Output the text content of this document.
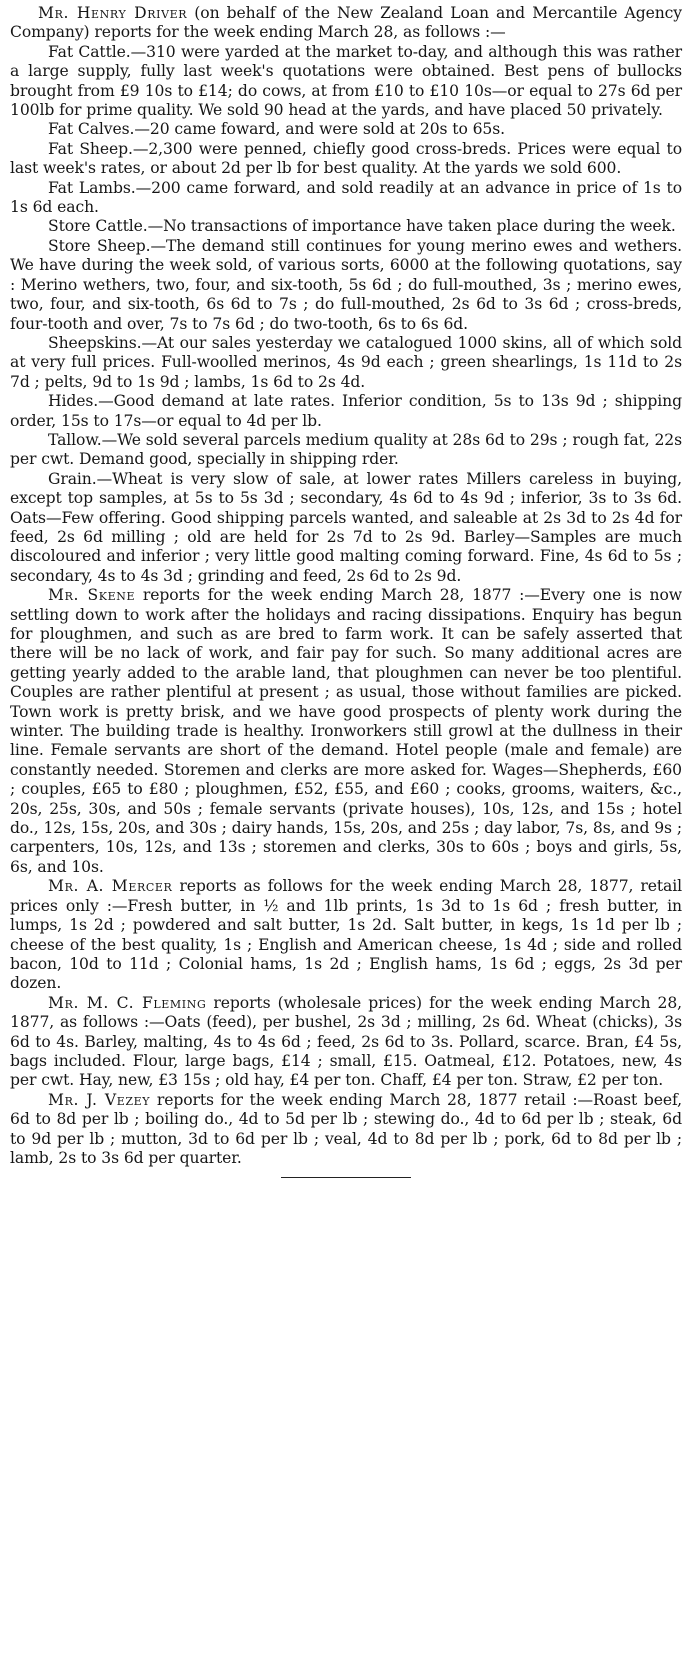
Mr. Henry Driver (on behalf of the New Zealand Loan and Mercantile Agency Company) reports for the week ending March 28, as follows :—

Fat Cattle.—310 were yarded at the market to-day, and although this was rather a large supply, fully last week's quotations were obtained. Best pens of bullocks brought from £9 10s to £14; do cows, at from £10 to £10 10s—or equal to 27s 6d per 100lb for prime quality. We sold 90 head at the yards, and have placed 50 privately.

Fat Calves.—20 came foward, and were sold at 20s to 65s.

Fat Sheep.—2,300 were penned, chiefly good cross-breds. Prices were equal to last week's rates, or about 2d per lb for best quality. At the yards we sold 600.

Fat Lambs.—200 came forward, and sold readily at an advance in price of 1s to 1s 6d each.

Store Cattle.—No transactions of importance have taken place during the week.

Store Sheep.—The demand still continues for young merino ewes and wethers. We have during the week sold, of various sorts, 6000 at the following quotations, say : Merino wethers, two, four, and six-tooth, 5s 6d ; do full-mouthed, 3s ; merino ewes, two, four, and six-tooth, 6s 6d to 7s ; do full-mouthed, 2s 6d to 3s 6d ; cross-breds, four-tooth and over, 7s to 7s 6d ; do two-tooth, 6s to 6s 6d.

Sheepskins.—At our sales yesterday we catalogued 1000 skins, all of which sold at very full prices. Full-woolled merinos, 4s 9d each ; green shearlings, 1s 11d to 2s 7d ; pelts, 9d to 1s 9d ; lambs, 1s 6d to 2s 4d.

Hides.—Good demand at late rates. Inferior condition, 5s to 13s 9d ; shipping order, 15s to 17s—or equal to 4d per lb.

Tallow.—We sold several parcels medium quality at 28s 6d to 29s ; rough fat, 22s per cwt. Demand good, specially in shipping rder.

Grain.—Wheat is very slow of sale, at lower rates Millers careless in buying, except top samples, at 5s to 5s 3d ; secondary, 4s 6d to 4s 9d ; inferior, 3s to 3s 6d. Oats—Few offering. Good shipping parcels wanted, and saleable at 2s 3d to 2s 4d for feed, 2s 6d milling ; old are held for 2s 7d to 2s 9d. Barley—Samples are much discoloured and inferior ; very little good malting coming forward. Fine, 4s 6d to 5s ; secondary, 4s to 4s 3d ; grinding and feed, 2s 6d to 2s 9d.

Mr. Skene reports for the week ending March 28, 1877 :—Every one is now settling down to work after the holidays and racing dissipations. Enquiry has begun for ploughmen, and such as are bred to farm work. It can be safely asserted that there will be no lack of work, and fair pay for such. So many additional acres are getting yearly added to the arable land, that ploughmen can never be too plentiful. Couples are rather plentiful at present ; as usual, those without families are picked. Town work is pretty brisk, and we have good prospects of plenty work during the winter. The building trade is healthy. Ironworkers still growl at the dullness in their line. Female servants are short of the demand. Hotel people (male and female) are constantly needed. Storemen and clerks are more asked for. Wages—Shepherds, £60 ; couples, £65 to £80 ; ploughmen, £52, £55, and £60 ; cooks, grooms, waiters, &c., 20s, 25s, 30s, and 50s ; female servants (private houses), 10s, 12s, and 15s ; hotel do., 12s, 15s, 20s, and 30s ; dairy hands, 15s, 20s, and 25s ; day labor, 7s, 8s, and 9s ; carpenters, 10s, 12s, and 13s ; storemen and clerks, 30s to 60s ; boys and girls, 5s, 6s, and 10s.

Mr. A. Mercer reports as follows for the week ending March 28, 1877, retail prices only :—Fresh butter, in ½ and 1lb prints, 1s 3d to 1s 6d ; fresh butter, in lumps, 1s 2d ; powdered and salt butter, 1s 2d. Salt butter, in kegs, 1s 1d per lb ; cheese of the best quality, 1s ; English and American cheese, 1s 4d ; side and rolled bacon, 10d to 11d ; Colonial hams, 1s 2d ; English hams, 1s 6d ; eggs, 2s 3d per dozen.

Mr. M. C. Fleming reports (wholesale prices) for the week ending March 28, 1877, as follows :—Oats (feed), per bushel, 2s 3d ; milling, 2s 6d. Wheat (chicks), 3s 6d to 4s. Barley, malting, 4s to 4s 6d ; feed, 2s 6d to 3s. Pollard, scarce. Bran, £4 5s, bags included. Flour, large bags, £14 ; small, £15. Oatmeal, £12. Potatoes, new, 4s per cwt. Hay, new, £3 15s ; old hay, £4 per ton. Chaff, £4 per ton. Straw, £2 per ton.

Mr. J. Vezey reports for the week ending March 28, 1877 retail :—Roast beef, 6d to 8d per lb ; boiling do., 4d to 5d per lb ; stewing do., 4d to 6d per lb ; steak, 6d to 9d per lb ; mutton, 3d to 6d per lb ; veal, 4d to 8d per lb ; pork, 6d to 8d per lb ; lamb, 2s to 3s 6d per quarter.
